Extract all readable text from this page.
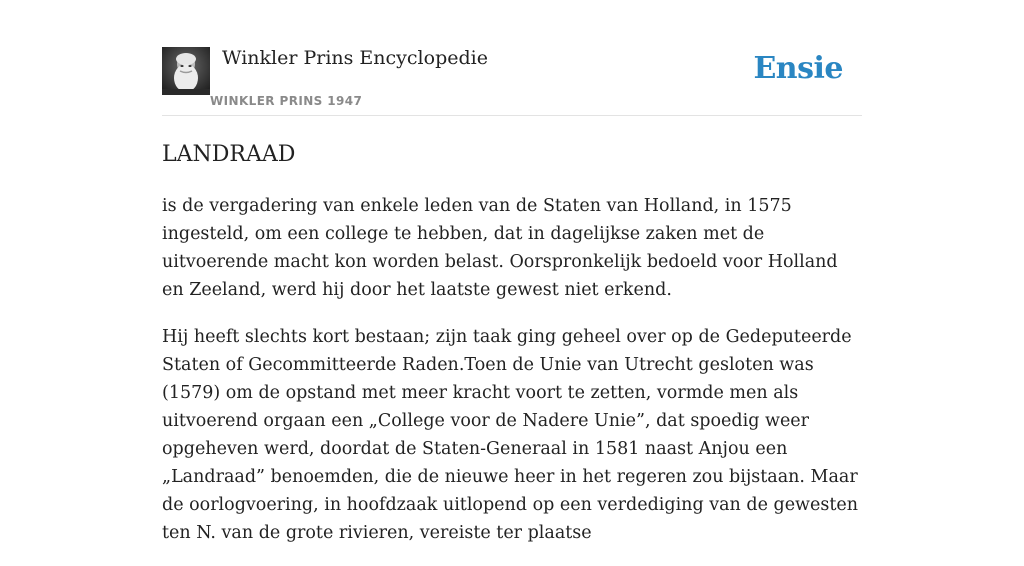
Winkler Prins Encyclopedie
WINKLER PRINS 1947
Ensie
LANDRAAD

is de vergadering van enkele leden van de Staten van Holland, in 1575 ingesteld, om een college te hebben, dat in dagelijkse zaken met de uitvoerende macht kon worden belast. Oorspronkelijk bedoeld voor Holland en Zeeland, werd hij door het laatste gewest niet erkend.

Hij heeft slechts kort bestaan; zijn taak ging geheel over op de Gedeputeerde Staten of Gecommitteerde Raden.Toen de Unie van Utrecht gesloten was (1579) om de opstand met meer kracht voort te zetten, vormde men als uitvoerend orgaan een „College voor de Nadere Unie”, dat spoedig weer opgeheven werd, doordat de Staten-Generaal in 1581 naast Anjou een „Landraad” benoemden, die de nieuwe heer in het regeren zou bijstaan. Maar de oorlogvoering, in hoofdzaak uitlopend op een verdediging van de gewesten ten N. van de grote rivieren, vereiste ter plaatse
